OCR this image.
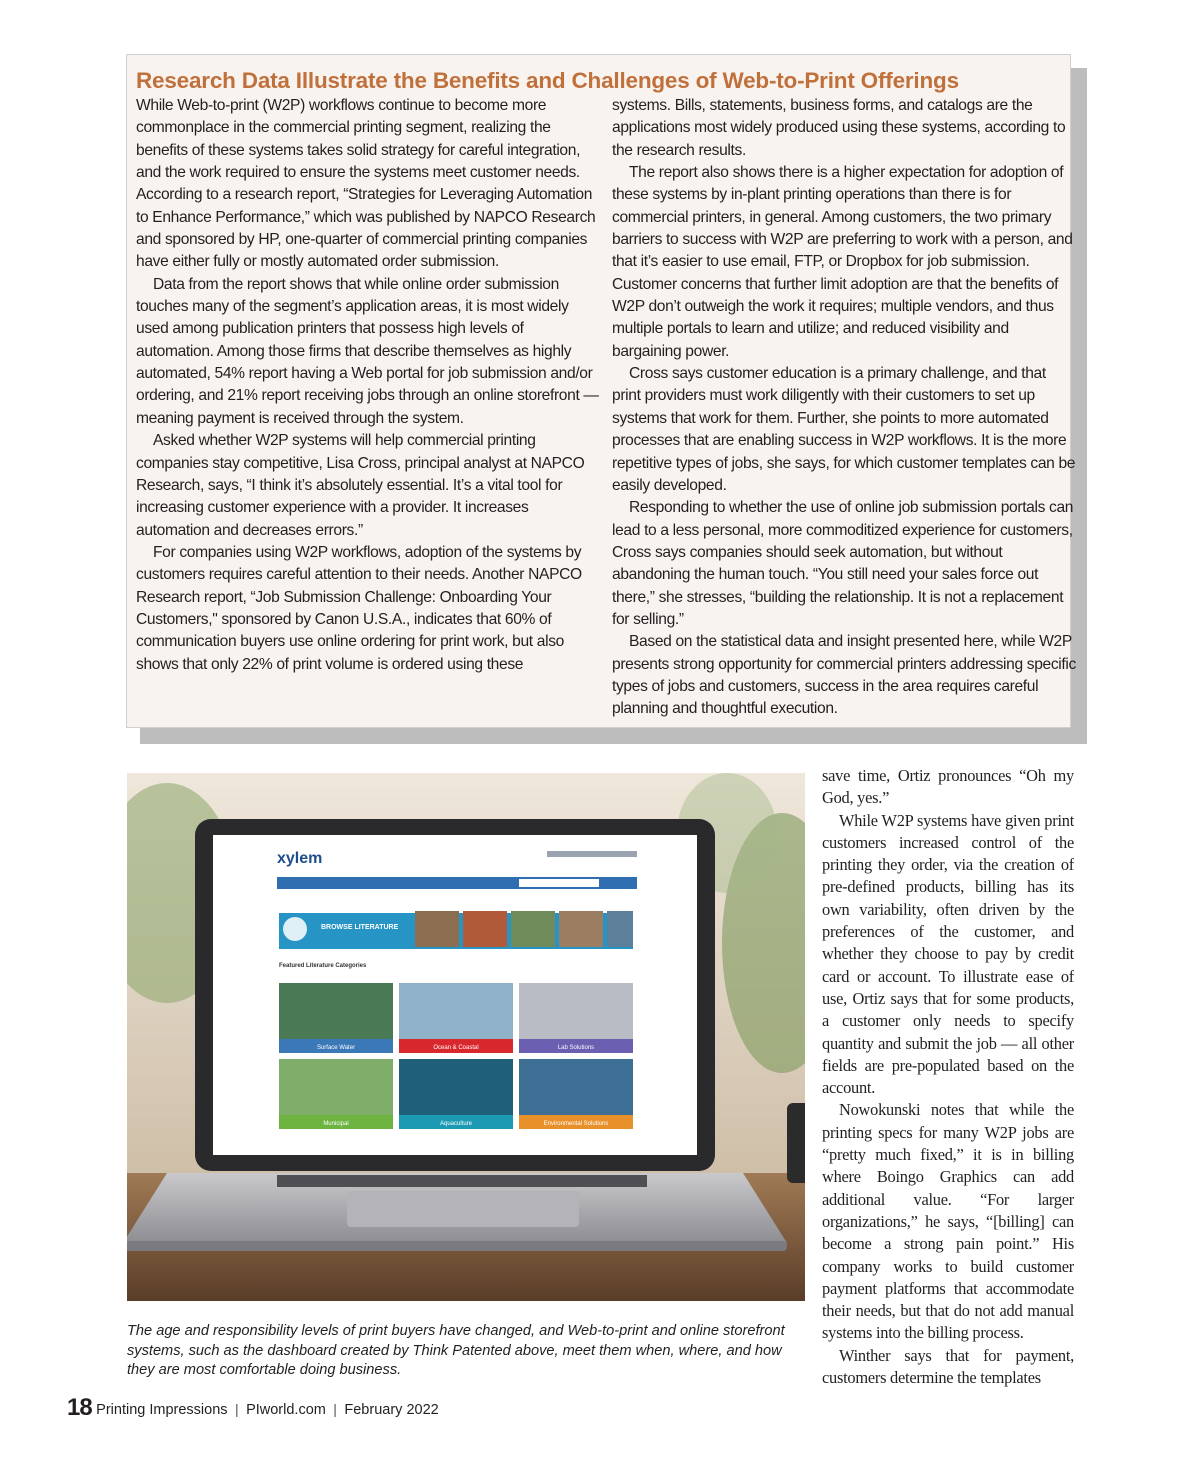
Research Data Illustrate the Benefits and Challenges of Web-to-Print Offerings

While Web-to-print (W2P) workflows continue to become more commonplace in the commercial printing segment, realizing the benefits of these systems takes solid strategy for careful integration, and the work required to ensure the systems meet customer needs. According to a research report, “Strategies for Leveraging Automation to Enhance Performance,” which was published by NAPCO Research and sponsored by HP, one-quarter of commercial printing companies have either fully or mostly automated order submission.

Data from the report shows that while online order submission touches many of the segment’s application areas, it is most widely used among publication printers that possess high levels of automation. Among those firms that describe themselves as highly automated, 54% report having a Web portal for job submission and/or ordering, and 21% report receiving jobs through an online storefront — meaning payment is received through the system.

Asked whether W2P systems will help commercial printing companies stay competitive, Lisa Cross, principal analyst at NAPCO Research, says, “I think it’s absolutely essential. It’s a vital tool for increasing customer experience with a provider. It increases automation and decreases errors.”

For companies using W2P workflows, adoption of the systems by customers requires careful attention to their needs. Another NAPCO Research report, “Job Submission Challenge: Onboarding Your Customers," sponsored by Canon U.S.A., indicates that 60% of communication buyers use online ordering for print work, but also shows that only 22% of print volume is ordered using these

systems. Bills, statements, business forms, and catalogs are the applications most widely produced using these systems, according to the research results.

The report also shows there is a higher expectation for adoption of these systems by in-plant printing operations than there is for commercial printers, in general. Among customers, the two primary barriers to success with W2P are preferring to work with a person, and that it’s easier to use email, FTP, or Dropbox for job submission. Customer concerns that further limit adoption are that the benefits of W2P don’t outweigh the work it requires; multiple vendors, and thus multiple portals to learn and utilize; and reduced visibility and bargaining power.

Cross says customer education is a primary challenge, and that print providers must work diligently with their customers to set up systems that work for them. Further, she points to more automated processes that are enabling success in W2P workflows. It is the more repetitive types of jobs, she says, for which customer templates can be easily developed.

Responding to whether the use of online job submission portals can lead to a less personal, more commoditized experience for customers, Cross says companies should seek automation, but without abandoning the human touch. “You still need your sales force out there,” she stresses, “building the relationship. It is not a replacement for selling.”

Based on the statistical data and insight presented here, while W2P presents strong opportunity for commercial printers addressing specific types of jobs and customers, success in the area requires careful planning and thoughtful execution.

xylem
BROWSE LITERATURE
Featured Literature Categories
Surface Water	Ocean & Coastal	Lab Solutions
Municipal	Aquaculture	Environmental Solutions

The age and responsibility levels of print buyers have changed, and Web-to-print and online storefront systems, such as the dashboard created by Think Patented above, meet them when, where, and how they are most comfortable doing business.

save time, Ortiz pronounces “Oh my God, yes.”

While W2P systems have given print customers increased control of the printing they order, via the creation of pre-defined products, billing has its own variability, often driven by the preferences of the customer, and whether they choose to pay by credit card or account. To illustrate ease of use, Ortiz says that for some products, a customer only needs to specify quantity and submit the job — all other fields are pre-populated based on the account.

Nowokunski notes that while the printing specs for many W2P jobs are “pretty much fixed,” it is in billing where Boingo Graphics can add additional value. “For larger organizations,” he says, “[billing] can become a strong pain point.” His company works to build customer payment platforms that accommodate their needs, but that do not add manual systems into the billing process.

Winther says that for payment, customers determine the templates

18 Printing Impressions | PIworld.com | February 2022
